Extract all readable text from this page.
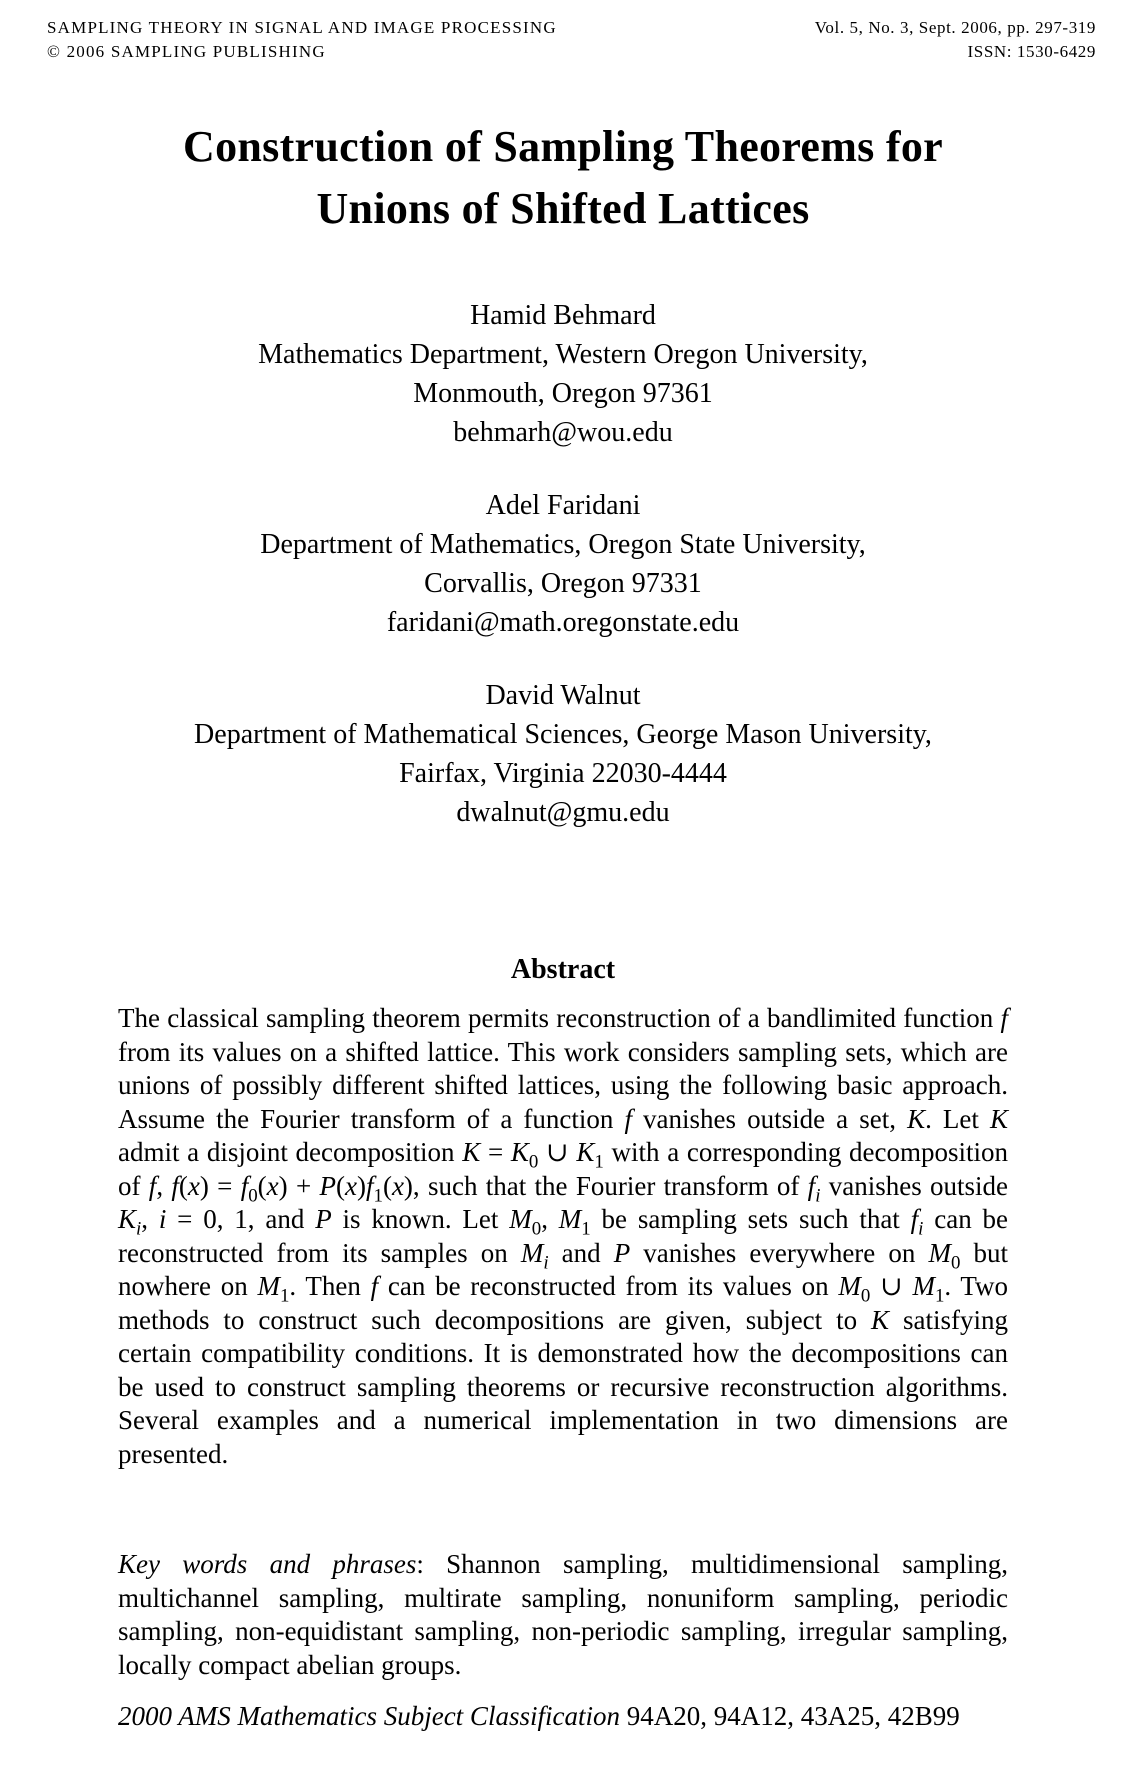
SAMPLING THEORY IN SIGNAL AND IMAGE PROCESSING
© 2006 SAMPLING PUBLISHING
Vol. 5, No. 3, Sept. 2006, pp. 297-319
ISSN: 1530-6429
Construction of Sampling Theorems for
Unions of Shifted Lattices
Hamid Behmard
Mathematics Department, Western Oregon University,
Monmouth, Oregon 97361
behmarh@wou.edu
Adel Faridani
Department of Mathematics, Oregon State University,
Corvallis, Oregon 97331
faridani@math.oregonstate.edu
David Walnut
Department of Mathematical Sciences, George Mason University,
Fairfax, Virginia 22030-4444
dwalnut@gmu.edu
Abstract

The classical sampling theorem permits reconstruction of a bandlimited function f from its values on a shifted lattice. This work considers sampling sets, which are unions of possibly different shifted lattices, using the following basic approach. Assume the Fourier transform of a function f vanishes outside a set, K. Let K admit a disjoint decomposition $K = K_0$ ∪ $K_1$ with a corresponding decomposition of f, $f(x) = f_0(x) + P(x)f_1(x)$, such that the Fourier transform of $f_i$ vanishes outside $K_i$, i = 0, 1, and P is known. Let $M_0$, $M_1$ be sampling sets such that $f_i$ can be reconstructed from its samples on $M_i$ and P vanishes everywhere on $M_0$ but nowhere on $M_1$. Then f can be reconstructed from its values on $M_0$ ∪ $M_1$. Two methods to construct such decompositions are given, subject to K satisfying certain compatibility conditions. It is demonstrated how the decompositions can be used to construct sampling theorems or recursive reconstruction algorithms. Several examples and a numerical implementation in two dimensions are presented.

Key words and phrases: Shannon sampling, multidimensional sampling, multichannel sampling, multirate sampling, nonuniform sampling, periodic sampling, non-equidistant sampling, non-periodic sampling, irregular sampling, locally compact abelian groups.

2000 AMS Mathematics Subject Classification 94A20, 94A12, 43A25, 42B99
